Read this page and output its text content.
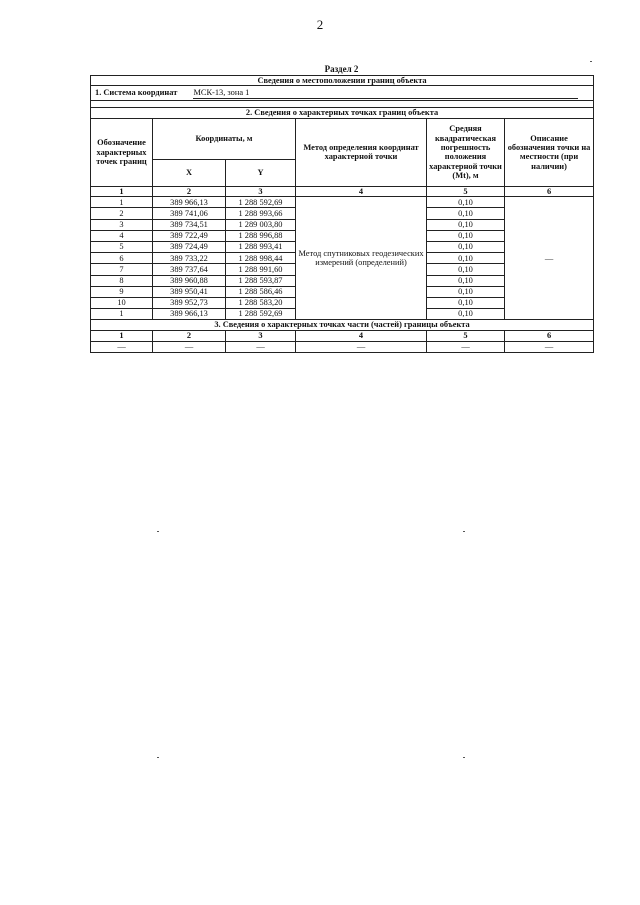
2
Раздел 2
Сведения о местоположении границ объекта					
1. Система координат МСК-13, зона 1					

2. Сведения о характерных точках границ объекта					
Обозначение характерных точек границ	Координаты, м		Метод определения координат характерной точки	Средняя квадратическая погрешность положения характерной точки (Mt), м	Описание обозначения точки на местности (при наличии)
	X	Y			
1	2	3	4	5	6
1	389 966,13	1 288 592,69	Метод спутниковых геодезических измерений (определений)	0,10	—
2	389 741,06	1 288 993,66		0,10	
3	389 734,51	1 289 003,80		0,10	
4	389 722,49	1 288 996,88		0,10	
5	389 724,49	1 288 993,41		0,10	
6	389 733,22	1 288 998,44		0,10	
7	389 737,64	1 288 991,60		0,10	
8	389 960,88	1 288 593,87		0,10	
9	389 950,41	1 288 586,46		0,10	
10	389 952,73	1 288 583,20		0,10	
1	389 966,13	1 288 592,69		0,10	
3. Сведения о характерных точках части (частей) границы объекта					
1	2	3	4	5	6
—	—	—	—	—	—
